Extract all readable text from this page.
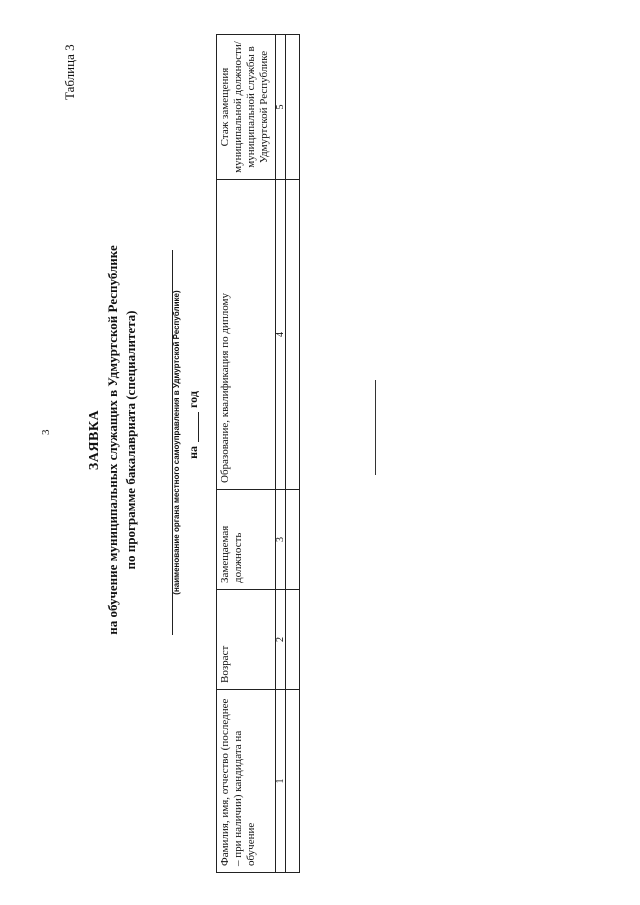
3
Таблица 3
ЗАЯВКА на обучение муниципальных служащих в Удмуртской Республике по программе бакалавриата (специалитета)	(наименование органа местного самоуправления в Удмуртской Республике) нагод
Фамилия, имя, отчество (последнее – при наличии) кандидата на обучение	Возраст	Замещаемая должность	Образование, квалификация по диплому	Стаж замещения муниципальной должности/ муниципальной службы в Удмуртской Республике
1	2	3	4	5
